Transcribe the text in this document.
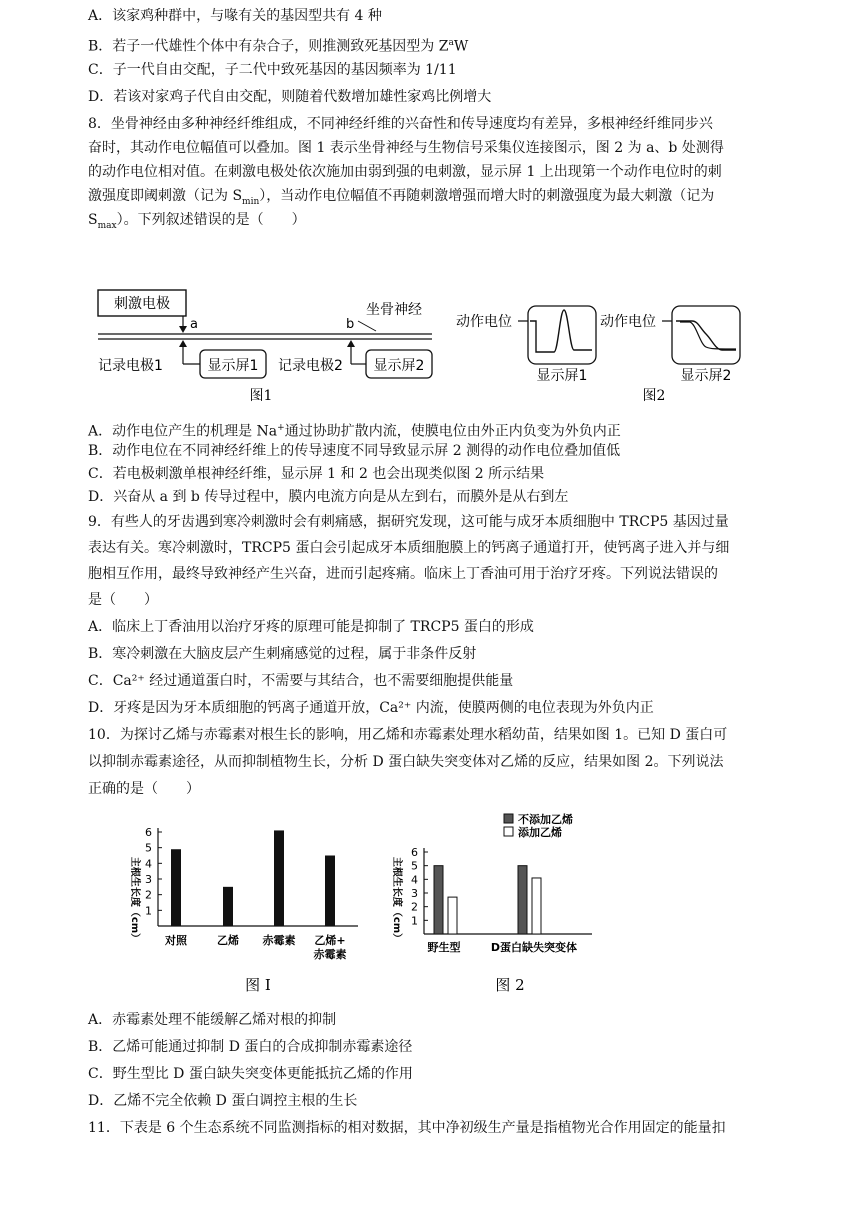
A．该家鸡种群中，与喙有关的基因型共有 4 种
B．若子一代雄性个体中有杂合子，则推测致死基因型为 $Z^aW$
C．子一代自由交配，子二代中致死基因的基因频率为 1/11
D．若该对家鸡子代自由交配，则随着代数增加雄性家鸡比例增大
8．坐骨神经由多种神经纤维组成，不同神经纤维的兴奋性和传导速度均有差异，多根神经纤维同步兴
奋时，其动作电位幅值可以叠加。图 1 表示坐骨神经与生物信号采集仪连接图示，图 2 为 a、b 处测得
的动作电位相对值。在刺激电极处依次施加由弱到强的电刺激，显示屏 1 上出现第一个动作电位时的刺
激强度即阈刺激（记为 $S_{min}$），当动作电位幅值不再随刺激增强而增大时的刺激强度为最大刺激（记为
$S_{max}$）。下列叙述错误的是（　　）
刺激电极
a	b
坐骨神经
记录电极1	显示屏1 记录电极2 显示屏2
图1
动作电位
显示屏1
动作电位
显示屏2
图2
A．动作电位产生的机理是 Na+通过协助扩散内流，使膜电位由外正内负变为外负内正
B．动作电位在不同神经纤维上的传导速度不同导致显示屏 2 测得的动作电位叠加值低
C．若电极刺激单根神经纤维，显示屏 1 和 2 也会出现类似图 2 所示结果
D．兴奋从 a 到 b 传导过程中，膜内电流方向是从左到右，而膜外是从右到左
9．有些人的牙齿遇到寒冷刺激时会有刺痛感，据研究发现，这可能与成牙本质细胞中 TRCP5 基因过量
表达有关。寒冷刺激时，TRCP5 蛋白会引起成牙本质细胞膜上的钙离子通道打开，使钙离子进入并与细
胞相互作用，最终导致神经产生兴奋，进而引起疼痛。临床上丁香油可用于治疗牙疼。下列说法错误的
是（　　）
A．临床上丁香油用以治疗牙疼的原理可能是抑制了 TRCP5 蛋白的形成
B．寒冷刺激在大脑皮层产生刺痛感觉的过程，属于非条件反射
C．Ca²⁺ 经过通道蛋白时，不需要与其结合，也不需要细胞提供能量
D．牙疼是因为牙本质细胞的钙离子通道开放，Ca²⁺ 内流，使膜两侧的电位表现为外负内正
10．为探讨乙烯与赤霉素对根生长的影响，用乙烯和赤霉素处理水稻幼苗，结果如图 1。已知 D 蛋白可
以抑制赤霉素途径，从而抑制植物生长，分析 D 蛋白缺失突变体对乙烯的反应，结果如图 2。下列说法
正确的是（　　）
主根生长度（cm） 1
2
3
4
5
6
对照	乙烯 赤霉素 乙烯+
赤霉素
图 I
主根生长度（cm）
不添加乙烯
添加乙烯
1
2
3
4
5
6
野生型	D蛋白缺失突变体
图 2
A．赤霉素处理不能缓解乙烯对根的抑制
B．乙烯可能通过抑制 D 蛋白的合成抑制赤霉素途径
C．野生型比 D 蛋白缺失突变体更能抵抗乙烯的作用
D．乙烯不完全依赖 D 蛋白调控主根的生长
11．下表是 6 个生态系统不同监测指标的相对数据，其中净初级生产量是指植物光合作用固定的能量扣
